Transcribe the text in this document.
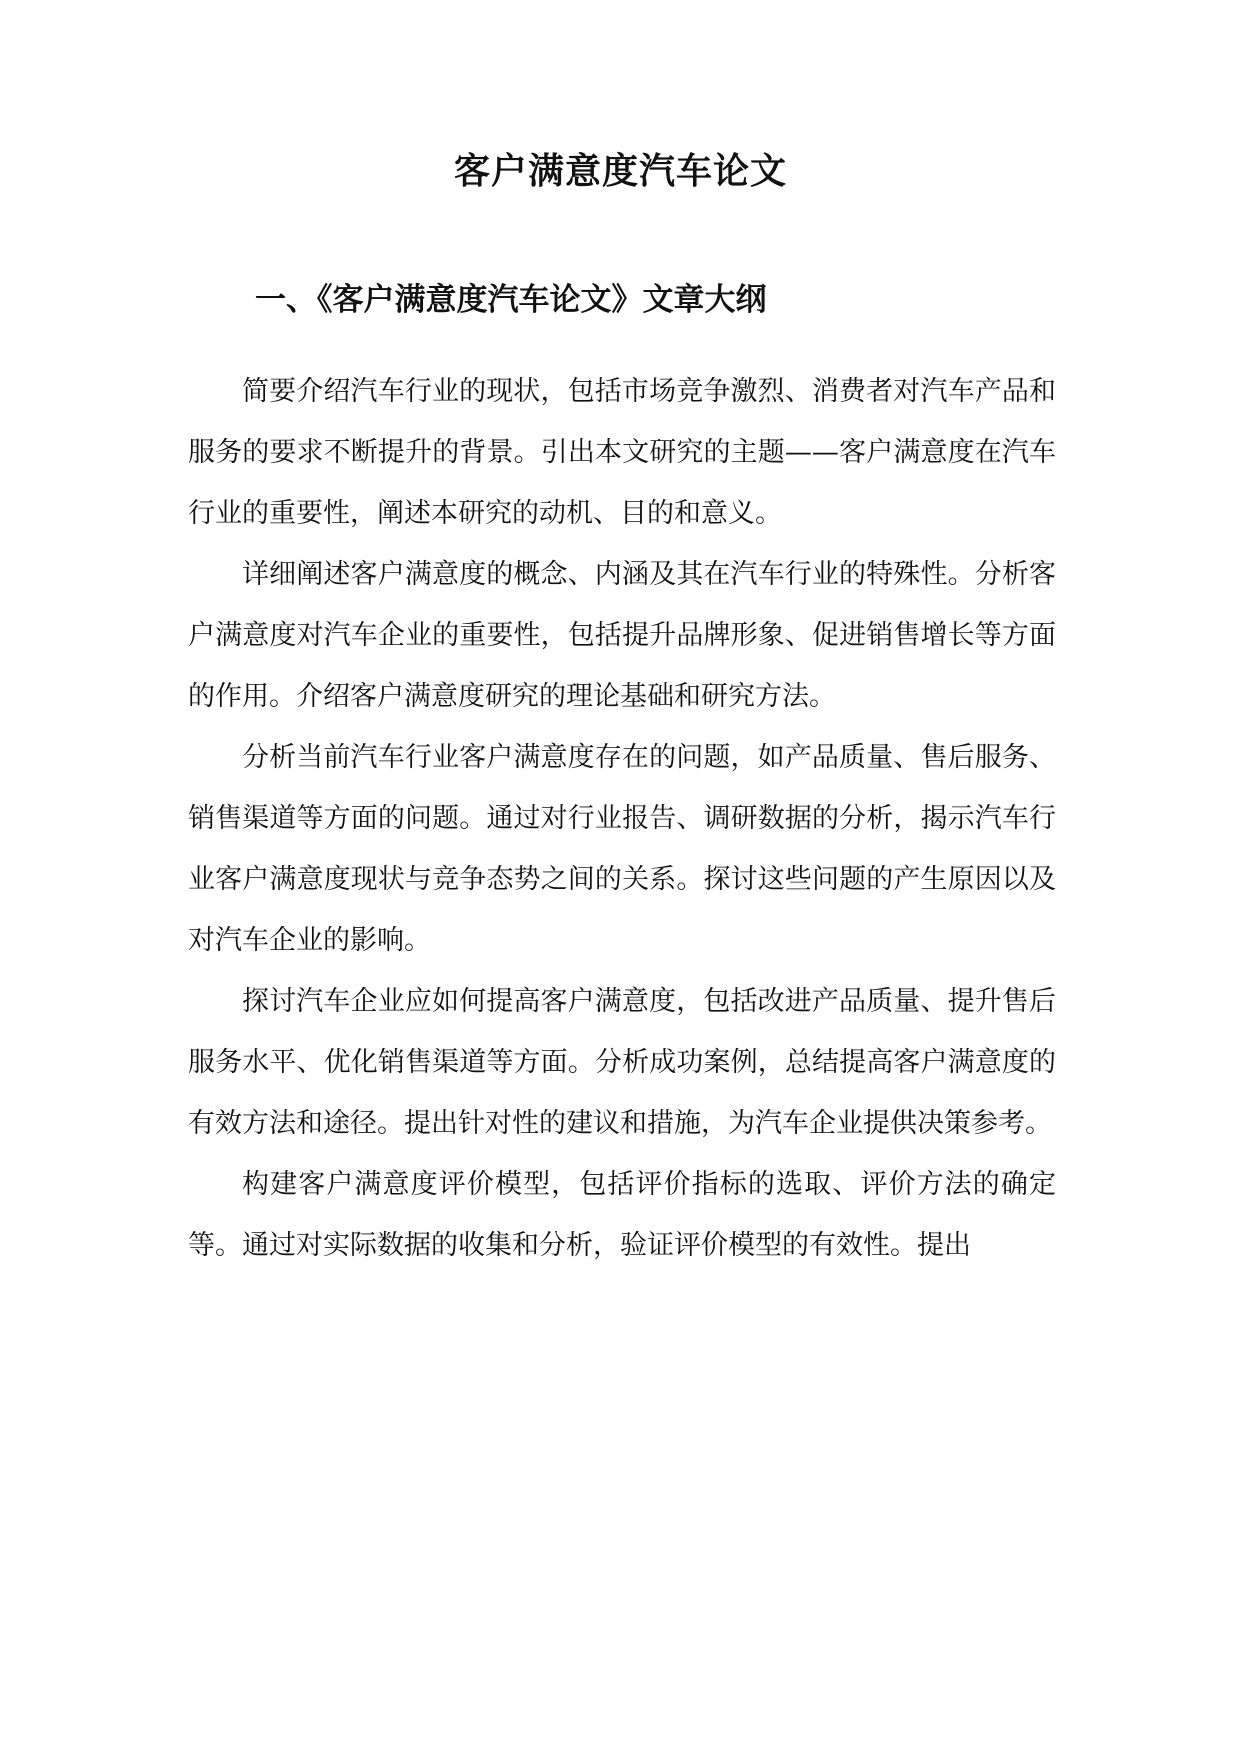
客户满意度汽车论文
一、《客户满意度汽车论文》文章大纲

简要介绍汽车行业的现状，包括市场竞争激烈、消费者对汽车产品和服务的要求不断提升的背景。引出本文研究的主题——客户满意度在汽车行业的重要性，阐述本研究的动机、目的和意义。

详细阐述客户满意度的概念、内涵及其在汽车行业的特殊性。分析客户满意度对汽车企业的重要性，包括提升品牌形象、促进销售增长等方面的作用。介绍客户满意度研究的理论基础和研究方法。

分析当前汽车行业客户满意度存在的问题，如产品质量、售后服务、销售渠道等方面的问题。通过对行业报告、调研数据的分析，揭示汽车行业客户满意度现状与竞争态势之间的关系。探讨这些问题的产生原因以及对汽车企业的影响。

探讨汽车企业应如何提高客户满意度，包括改进产品质量、提升售后服务水平、优化销售渠道等方面。分析成功案例，总结提高客户满意度的有效方法和途径。提出针对性的建议和措施，为汽车企业提供决策参考。

构建客户满意度评价模型，包括评价指标的选取、评价方法的确定等。通过对实际数据的收集和分析，验证评价模型的有效性。提出
